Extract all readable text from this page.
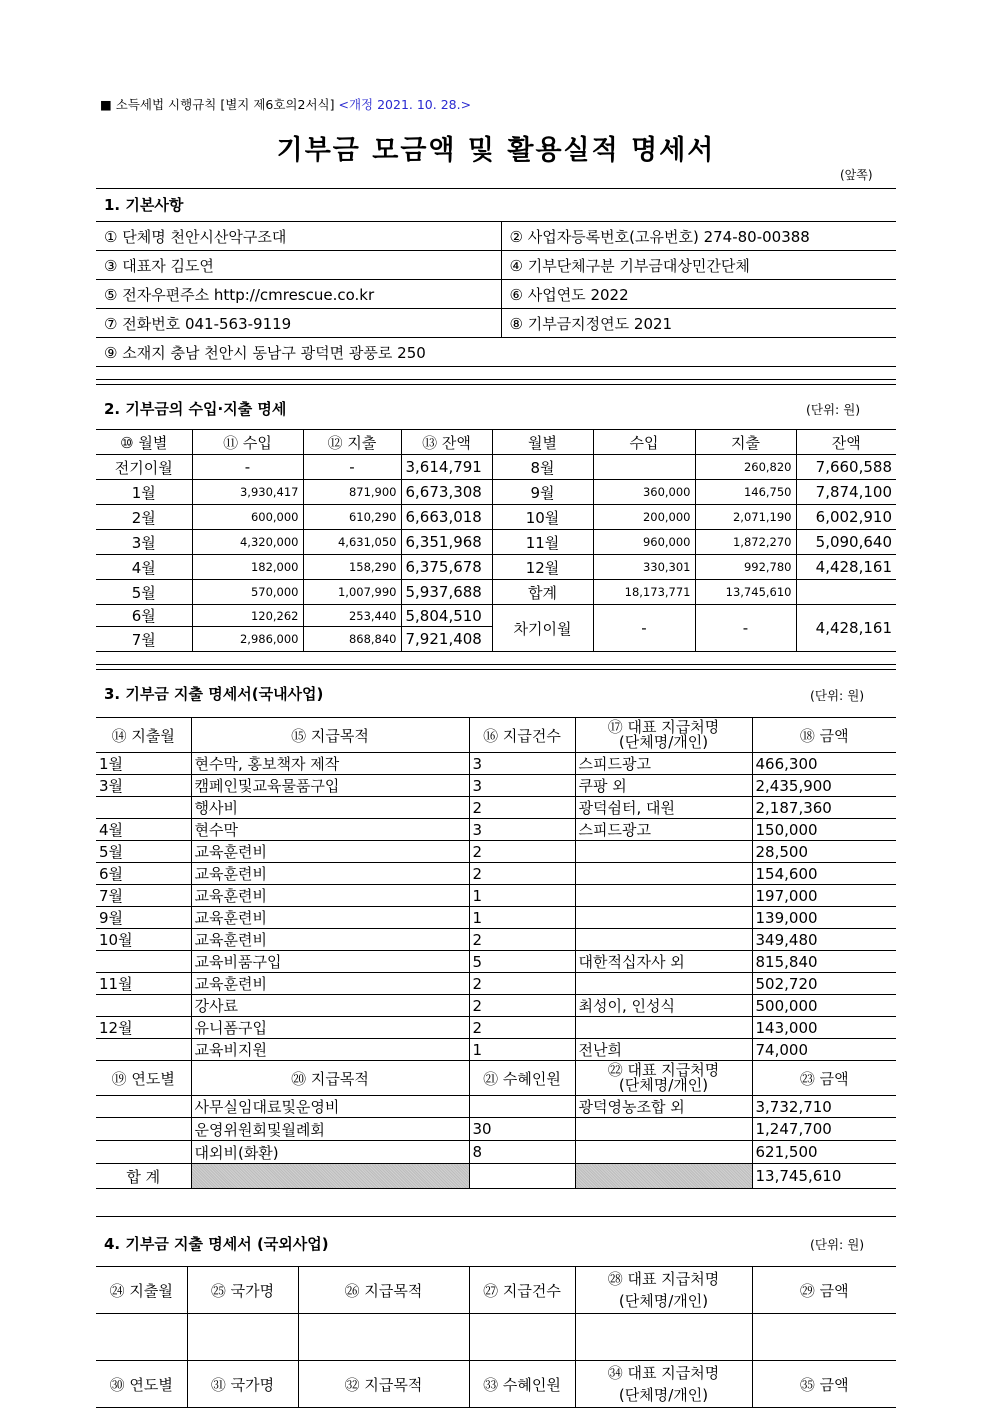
■ 소득세법 시행규칙 [별지 제6호의2서식] <개정 2021. 10. 28.>
기부금 모금액 및 활용실적 명세서
(앞쪽)
1. 기본사항
① 단체명 천안시산악구조대	② 사업자등록번호(고유번호) 274-80-00388
③ 대표자 김도연	④ 기부단체구분 기부금대상민간단체
⑤ 전자우편주소 http://cmrescue.co.kr	⑥ 사업연도 2022
⑦ 전화번호 041-563-9119	⑧ 기부금지정연도 2021
⑨ 소재지 충남 천안시 동남구 광덕면 광풍로 250	
2. 기부금의 수입·지출 명세	(단위: 원)
⑩ 월별	⑪ 수입	⑫ 지출	⑬ 잔액	월별	수입	지출	잔액
전기이월	-	-	3,614,791	8월		260,820	7,660,588
1월	3,930,417	871,900	6,673,308	9월	360,000	146,750	7,874,100
2월	600,000	610,290	6,663,018	10월	200,000	2,071,190	6,002,910
3월	4,320,000	4,631,050	6,351,968	11월	960,000	1,872,270	5,090,640
4월	182,000	158,290	6,375,678	12월	330,301	992,780	4,428,161
5월	570,000	1,007,990	5,937,688	합계	18,173,771	13,745,610	
6월	120,262	253,440	5,804,510	차기이월	-	-	4,428,161
7월	2,986,000	868,840	7,921,408				
3. 기부금 지출 명세서(국내사업)	(단위: 원)
⑭ 지출월	⑮ 지급목적	⑯ 지급건수	⑰ 대표 지급처명
(단체명/개인)	⑱ 금액
1월	현수막, 홍보책자 제작	3	스피드광고	466,300
3월	캠페인및교육물품구입	3	쿠팡 외	2,435,900
	행사비	2	광덕쉼터, 대원	2,187,360
4월	현수막	3	스피드광고	150,000
5월	교육훈련비	2		28,500
6월	교육훈련비	2		154,600
7월	교육훈련비	1		197,000
9월	교육훈련비	1		139,000
10월	교육훈련비	2		349,480
	교육비품구입	5	대한적십자사 외	815,840
11월	교육훈련비	2		502,720
	강사료	2	최성이, 인성식	500,000
12월	유니폼구입	2		143,000
	교육비지원	1	전난희	74,000
⑲ 연도별	⑳ 지급목적	㉑ 수혜인원	㉒ 대표 지급처명
(단체명/개인)	㉓ 금액
	사무실임대료및운영비		광덕영농조합 외	3,732,710
	운영위원회및월례회	30		1,247,700
	대외비(화환)	8		621,500
합 계				13,745,610
4. 기부금 지출 명세서 (국외사업)	(단위: 원)
㉔ 지출월	㉕ 국가명	㉖ 지급목적	㉗ 지급건수	㉘ 대표 지급처명
(단체명/개인)	㉙ 금액

㉚ 연도별	㉛ 국가명	㉜ 지급목적	㉝ 수혜인원	㉞ 대표 지급처명
(단체명/개인)	㉟ 금액
